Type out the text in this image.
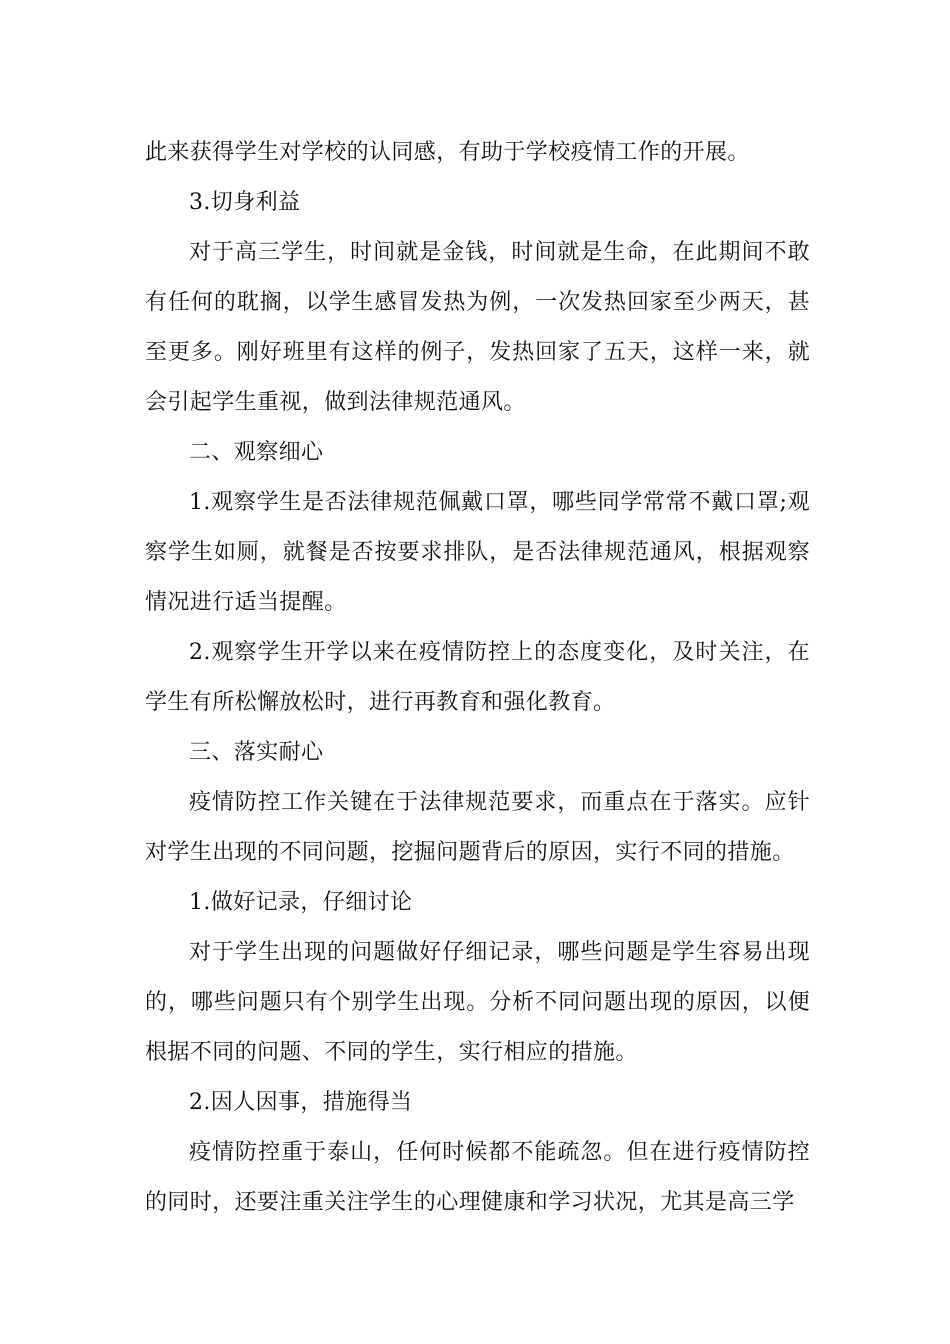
此来获得学生对学校的认同感，有助于学校疫情工作的开展。

3.切身利益

对于高三学生，时间就是金钱，时间就是生命，在此期间不敢有任何的耽搁，以学生感冒发热为例，一次发热回家至少两天，甚至更多。刚好班里有这样的例子，发热回家了五天，这样一来，就会引起学生重视，做到法律规范通风。

二、观察细心

1.观察学生是否法律规范佩戴口罩，哪些同学常常不戴口罩;观察学生如厕，就餐是否按要求排队，是否法律规范通风，根据观察情况进行适当提醒。

2.观察学生开学以来在疫情防控上的态度变化，及时关注，在学生有所松懈放松时，进行再教育和强化教育。

三、落实耐心

疫情防控工作关键在于法律规范要求，而重点在于落实。应针对学生出现的不同问题，挖掘问题背后的原因，实行不同的措施。

1.做好记录，仔细讨论

对于学生出现的问题做好仔细记录，哪些问题是学生容易出现的，哪些问题只有个别学生出现。分析不同问题出现的原因，以便根据不同的问题、不同的学生，实行相应的措施。

2.因人因事，措施得当

疫情防控重于泰山，任何时候都不能疏忽。但在进行疫情防控的同时，还要注重关注学生的心理健康和学习状况，尤其是高三学
